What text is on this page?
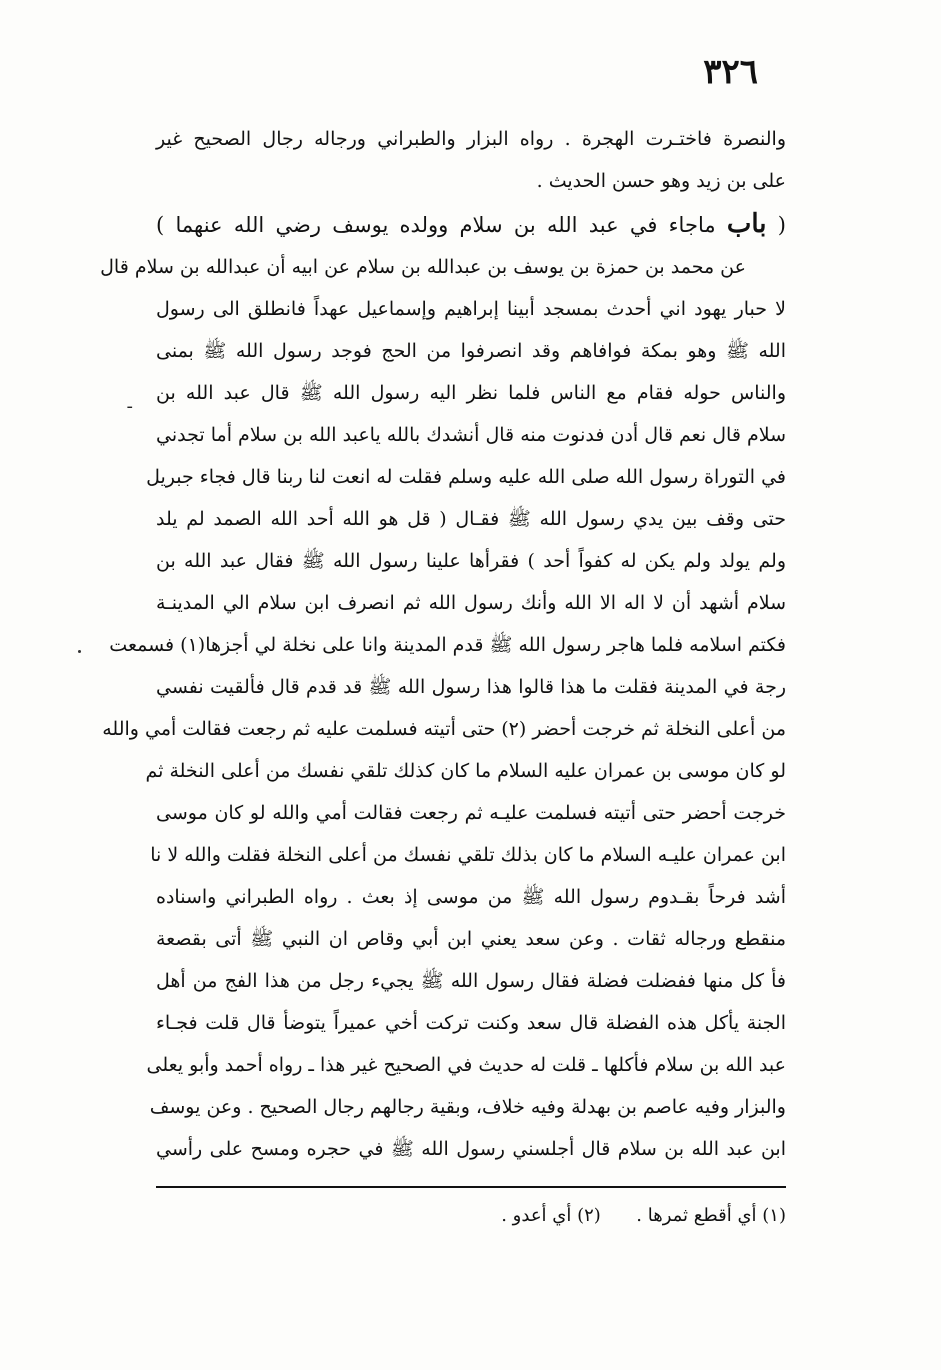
٣٢٦
والنصرة فاختـرت الهجرة . رواه البزار والطبراني ورجاله رجال الصحيح غير
على بن زيد وهو حسن الحديث .
( باب ماجاء في عبد الله بن سلام وولده يوسف رضي الله عنهما )
عن محمد بن حمزة بن يوسف بن عبدالله بن سلام عن ابيه أن عبدالله بن سلام قال
لا حبار يهود اني أحدث بمسجد أبينا إبراهيم وإسماعيل عهداً فانطلق الى رسول
الله ﷺ وهو بمكة فوافاهم وقد انصرفوا من الحج فوجد رسول الله ﷺ بمنى
والناس حوله فقام مع الناس فلما نظر اليه رسول الله ﷺ قال عبد الله بن
سلام قال نعم قال أدن فدنوت منه قال أنشدك بالله ياعبد الله بن سلام أما تجدني
في التوراة رسول الله صلى الله عليه وسلم فقلت له انعت لنا ربنا قال فجاء جبريل
حتى وقف بين يدي رسول الله ﷺ فقـال ( قل هو الله أحد الله الصمد لم يلد
ولم يولد ولم يكن له كفواً أحد ) فقرأها علينا رسول الله ﷺ فقال عبد الله بن
سلام أشهد أن لا اله الا الله وأنك رسول الله ثم انصرف ابن سلام الي المدينـة
فكتم اسلامه فلما هاجر رسول الله ﷺ قدم المدينة وانا على نخلة لي أجزها(١) فسمعت
رجة في المدينة فقلت ما هذا قالوا هذا رسول الله ﷺ قد قدم قال فألقيت نفسي
من أعلى النخلة ثم خرجت أحضر (٢) حتى أتيته فسلمت عليه ثم رجعت فقالت أمي والله
لو كان موسى بن عمران عليه السلام ما كان كذلك تلقي نفسك من أعلى النخلة ثم
خرجت أحضر حتى أتيته فسلمت عليـه ثم رجعت فقالت أمي والله لو كان موسى
ابن عمران عليـه السلام ما كان بذلك تلقي نفسك من أعلى النخلة فقلت والله لا نا
أشد فرحاً بقـدوم رسول الله ﷺ من موسى إذ بعث . رواه الطبراني واسناده
منقطع ورجاله ثقات . وعن سعد يعني ابن أبي وقاص ان النبي ﷺ أتى بقصعة
فأ كل منها ففضلت فضلة فقال رسول الله ﷺ يجيء رجل من هذا الفج من أهل
الجنة يأكل هذه الفضلة قال سعد وكنت تركت أخي عميراً يتوضأ قال قلت فجـاء
عبد الله بن سلام فأكلها ـ قلت له حديث في الصحيح غير هذا ـ رواه أحمد وأبو يعلى
والبزار وفيه عاصم بن بهدلة وفيه خلاف، وبقية رجالهم رجال الصحيح . وعن يوسف
ابن عبد الله بن سلام قال أجلسني رسول الله ﷺ في حجره ومسح على رأسي
(١) أي أقطع ثمرها .  (٢) أي أعدو .
-
